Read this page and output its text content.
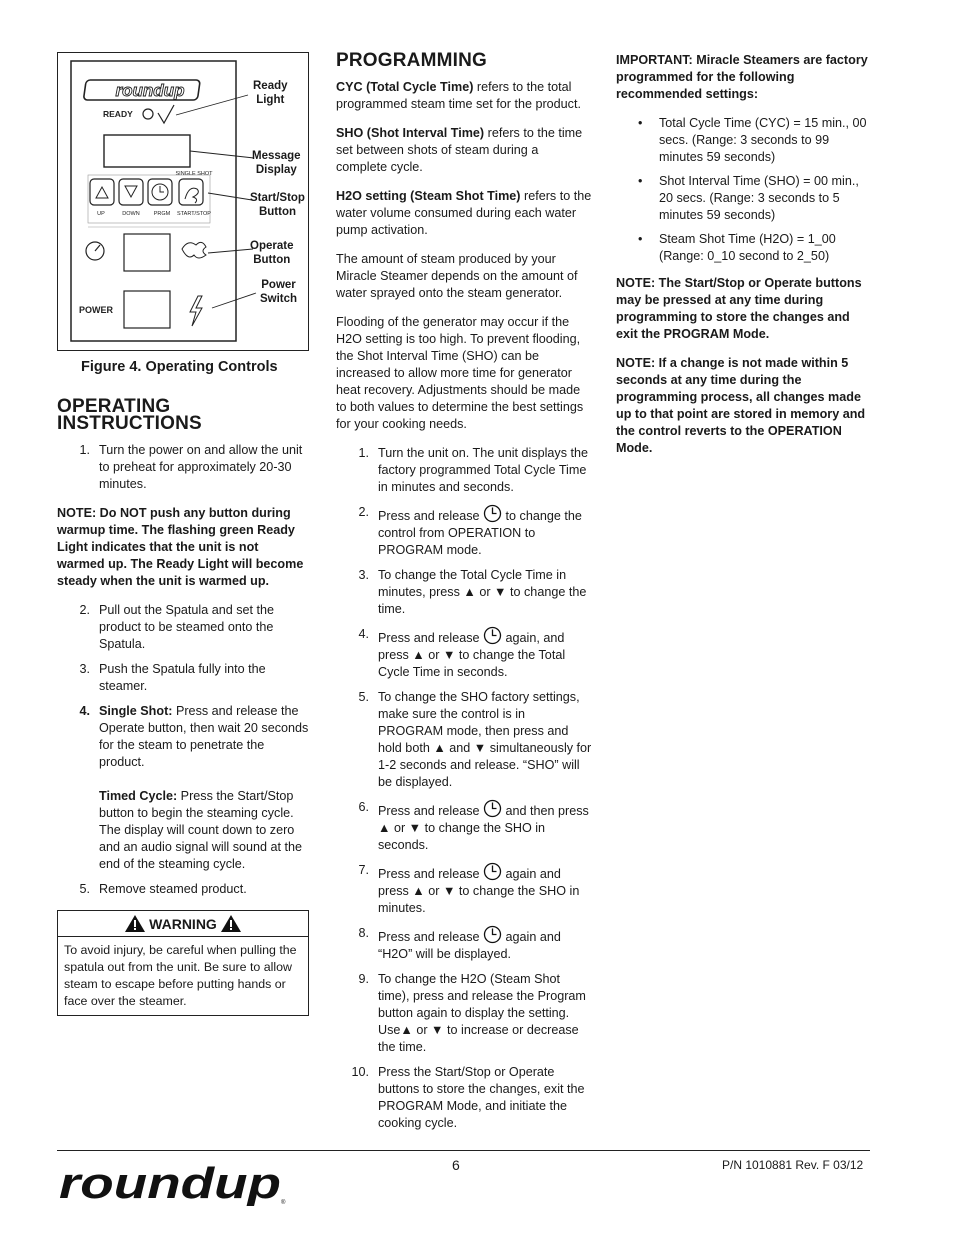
roundup
READY
SINGLE SHOT
UP	DOWN	PRGM START/STOP
POWER
Ready
Light
Message
Display
Start/Stop
Button
Operate
Button
Power
Switch
Figure 4. Operating Controls
OPERATING INSTRUCTIONS
1. Turn the power on and allow the unit to preheat for approximately 20-30 minutes.

NOTE: Do NOT push any button during warmup time. The flashing green Ready Light indicates that the unit is not warmed up. The Ready Light will become steady when the unit is warmed up.

2. Pull out the Spatula and set the product to be steamed onto the Spatula.
3. Push the Spatula fully into the steamer.
4. Single Shot: Press and release the Operate button, then wait 20 seconds for the steam to penetrate the product.
Timed Cycle: Press the Start/Stop button to begin the steaming cycle. The display will count down to zero and an audio signal will sound at the end of the steaming cycle.
5. Remove steamed product.
WARNING
To avoid injury, be careful when pulling the spatula out from the unit. Be sure to allow steam to escape before putting hands or face over the steamer.
PROGRAMMING

CYC (Total Cycle Time) refers to the total programmed steam time set for the product.

SHO (Shot Interval Time) refers to the time set between shots of steam during a complete cycle.

H2O setting (Steam Shot Time) refers to the water volume consumed during each water pump activation.

The amount of steam produced by your Miracle Steamer depends on the amount of water sprayed onto the steam generator.

Flooding of the generator may occur if the H2O setting is too high. To prevent flooding, the Shot Interval Time (SHO) can be increased to allow more time for generator heat recovery. Adjustments should be made to both values to determine the best settings for your cooking needs.

1. Turn the unit on. The unit displays the factory programmed Total Cycle Time in minutes and seconds.
2. Press and release  to change the control from OPERATION to PROGRAM mode.
3. To change the Total Cycle Time in minutes, press ▲ or ▼ to change the time.
4. Press and release  again, and press ▲ or ▼ to change the Total Cycle Time in seconds.
5. To change the SHO factory settings, make sure the control is in PROGRAM mode, then press and hold both ▲ and ▼ simultaneously for 1-2 seconds and release. “SHO” will be displayed.
6. Press and release  and then press ▲ or ▼ to change the SHO in seconds.
7. Press and release  again and press ▲ or ▼ to change the SHO in minutes.
8. Press and release  again and “H2O” will be displayed.
9. To change the H2O (Steam Shot time), press and release the Program button again to display the setting. Use▲ or ▼ to increase or decrease the time.
10. Press the Start/Stop or Operate buttons to store the changes, exit the PROGRAM Mode, and initiate the cooking cycle.

IMPORTANT: Miracle Steamers are factory programmed for the following recommended settings:

• Total Cycle Time (CYC) = 15 min., 00 secs. (Range: 3 seconds to 99 minutes 59 seconds)
• Shot Interval Time (SHO) = 00 min., 20 secs. (Range: 3 seconds to 5 minutes 59 seconds)
• Steam Shot Time (H2O) = 1_00 (Range: 0_10 second to 2_50)

NOTE: The Start/Stop or Operate buttons may be pressed at any time during programming to store the changes and exit the PROGRAM Mode.

NOTE: If a change is not made within 5 seconds at any time during the programming process, all changes made up to that point are stored in memory and the control reverts to the OPERATION Mode.

6	P/N 1010881 Rev. F 03/12
roundup ®
